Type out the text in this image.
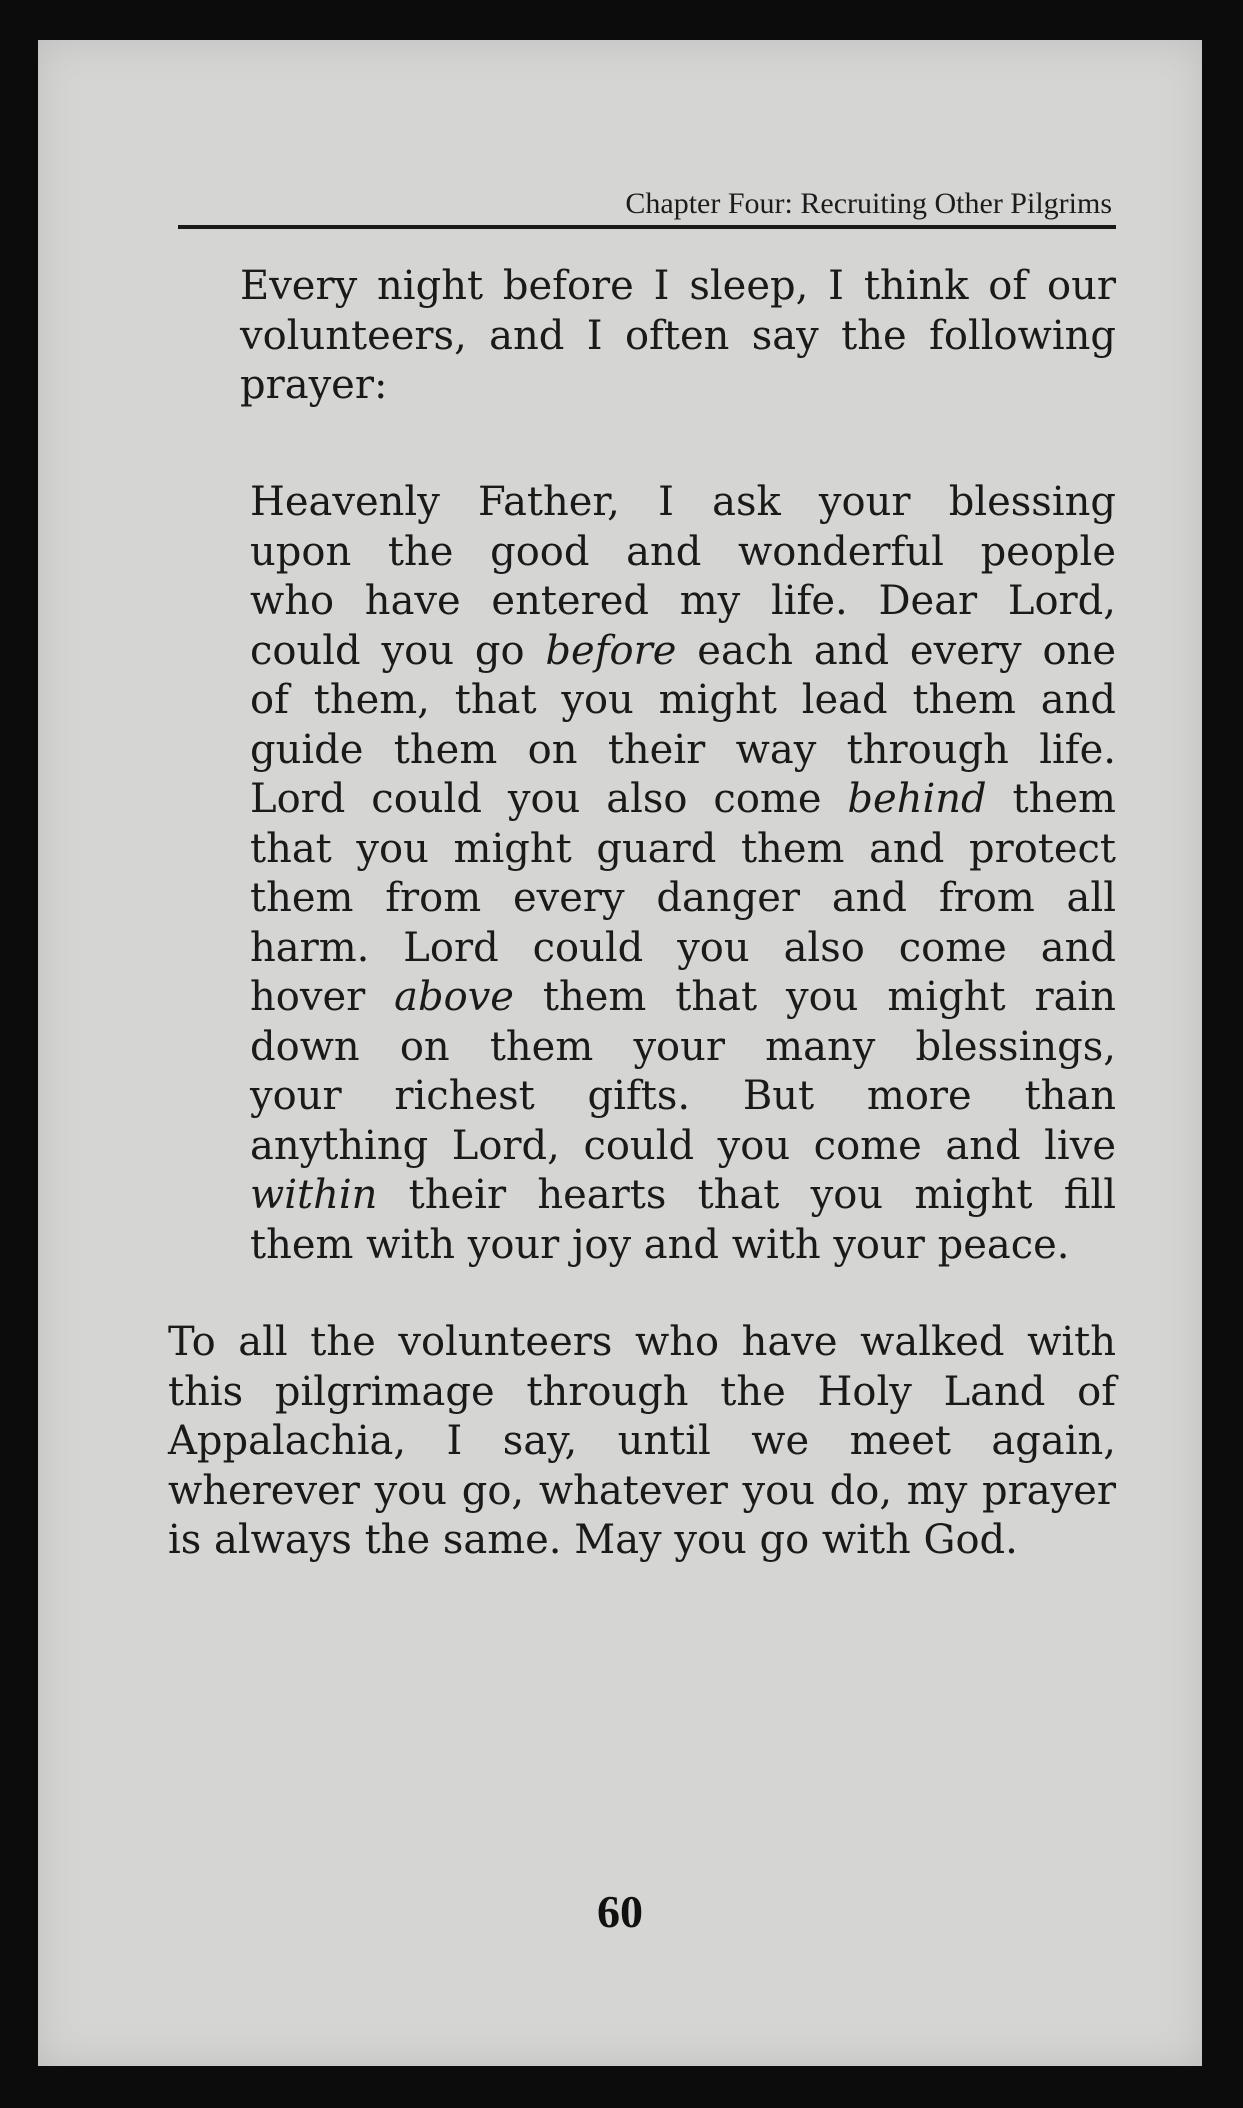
Chapter Four: Recruiting Other Pilgrims
Every night before I sleep, I think of our
volunteers, and I often say the following
prayer:
Heavenly Father, I ask your blessing
upon the good and wonderful people
who have entered my life. Dear Lord,
could you go before each and every one
of them, that you might lead them and
guide them on their way through life.
Lord could you also come behind them
that you might guard them and protect
them from every danger and from all
harm. Lord could you also come and
hover above them that you might rain
down on them your many blessings,
your richest gifts. But more than
anything Lord, could you come and live
within their hearts that you might fill
them with your joy and with your peace.
To all the volunteers who have walked with
this pilgrimage through the Holy Land of
Appalachia, I say, until we meet again,
wherever you go, whatever you do, my prayer
is always the same. May you go with God.
60
